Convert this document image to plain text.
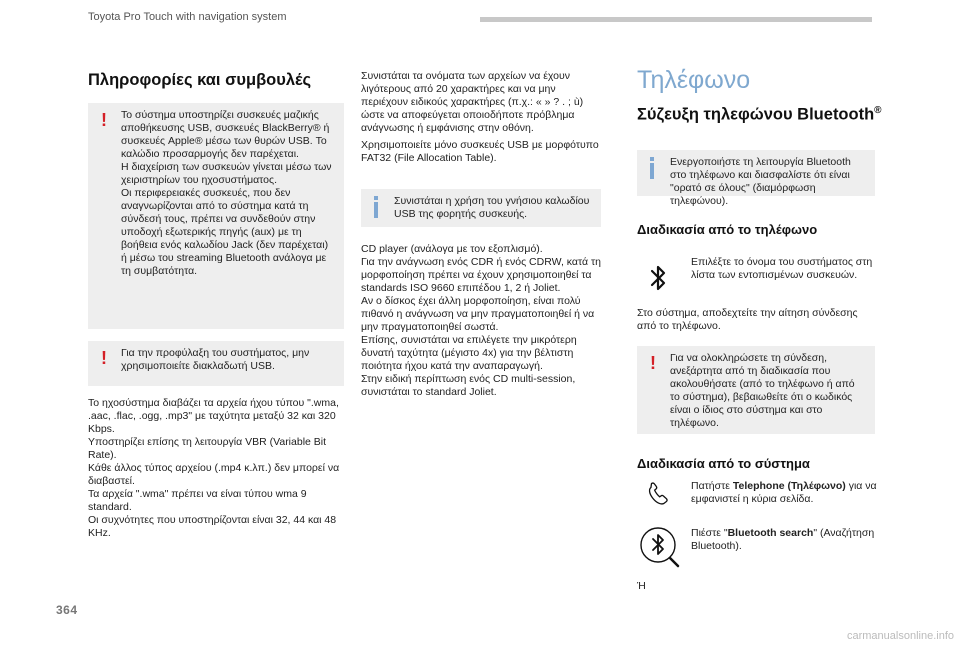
Toyota Pro Touch with navigation system
Πληροφορίες και συμβουλές
! Το σύστημα υποστηρίζει συσκευές μαζικής αποθήκευσης USB, συσκευές BlackBerry® ή συσκευές Apple® μέσω των θυρών USB. Το καλώδιο προσαρμογής δεν παρέχεται.

Η διαχείριση των συσκευών γίνεται μέσω των χειριστηρίων του ηχοσυστήματος.

Οι περιφερειακές συσκευές, που δεν αναγνωρίζονται από το σύστημα κατά τη σύνδεσή τους, πρέπει να συνδεθούν στην υποδοχή εξωτερικής πηγής (aux) με τη βοήθεια ενός καλωδίου Jack (δεν παρέχεται) ή μέσω του streaming Bluetooth ανάλογα με τη συμβατότητα.

! Για την προφύλαξη του συστήματος, μην χρησιμοποιείτε διακλαδωτή USB.

Το ηχοσύστημα διαβάζει τα αρχεία ήχου τύπου ".wma, .aac, .flac, .ogg, .mp3" με ταχύτητα μεταξύ 32 και 320 Kbps.

Υποστηρίζει επίσης τη λειτουργία VBR (Variable Bit Rate).

Κάθε άλλος τύπος αρχείου (.mp4 κ.λπ.) δεν μπορεί να διαβαστεί.

Τα αρχεία ".wma" πρέπει να είναι τύπου wma 9 standard.

Οι συχνότητες που υποστηρίζονται είναι 32, 44 και 48 KHz.

Συνιστάται τα ονόματα των αρχείων να έχουν λιγότερους από 20 χαρακτήρες και να μην περιέχουν ειδικούς χαρακτήρες (π.χ.: « » ? . ; ù) ώστε να αποφεύγεται οποιοδήποτε πρόβλημα ανάγνωσης ή εμφάνισης στην οθόνη.

Χρησιμοποιείτε μόνο συσκευές USB με μορφότυπο FAT32 (File Allocation Table).

Συνιστάται η χρήση του γνήσιου καλωδίου USB της φορητής συσκευής.

CD player (ανάλογα με τον εξοπλισμό).

Για την ανάγνωση ενός CDR ή ενός CDRW, κατά τη μορφοποίηση πρέπει να έχουν χρησιμοποιηθεί τα standards ISO 9660 επιπέδου 1, 2 ή Joliet.

Αν ο δίσκος έχει άλλη μορφοποίηση, είναι πολύ πιθανό η ανάγνωση να μην πραγματοποιηθεί ή να μην πραγματοποιηθεί σωστά.

Επίσης, συνιστάται να επιλέγετε την μικρότερη δυνατή ταχύτητα (μέγιστο 4x) για την βέλτιστη ποιότητα ήχου κατά την αναπαραγωγή.

Στην ειδική περίπτωση ενός CD multi-session, συνιστάται το standard Joliet.

Τηλέφωνο
Σύζευξη τηλεφώνου Bluetooth®

Ενεργοποιήστε τη λειτουργία Bluetooth στο τηλέφωνο και διασφαλίστε ότι είναι "ορατό σε όλους" (διαμόρφωση τηλεφώνου).

Διαδικασία από το τηλέφωνο
Επιλέξτε το όνομα του συστήματος στη λίστα των εντοπισμένων συσκευών.
Στο σύστημα, αποδεχτείτε την αίτηση σύνδεσης από το τηλέφωνο.
! Για να ολοκληρώσετε τη σύνδεση, ανεξάρτητα από τη διαδικασία που ακολουθήσατε (από το τηλέφωνο ή από το σύστημα), βεβαιωθείτε ότι ο κωδικός είναι ο ίδιος στο σύστημα και στο τηλέφωνο.

Διαδικασία από το σύστημα
Πατήστε Telephone (Τηλέφωνο) για να εμφανιστεί η κύρια σελίδα.
Πιέστε "Bluetooth search" (Αναζήτηση Bluetooth).
Ή
364
carmanualsonline.info
